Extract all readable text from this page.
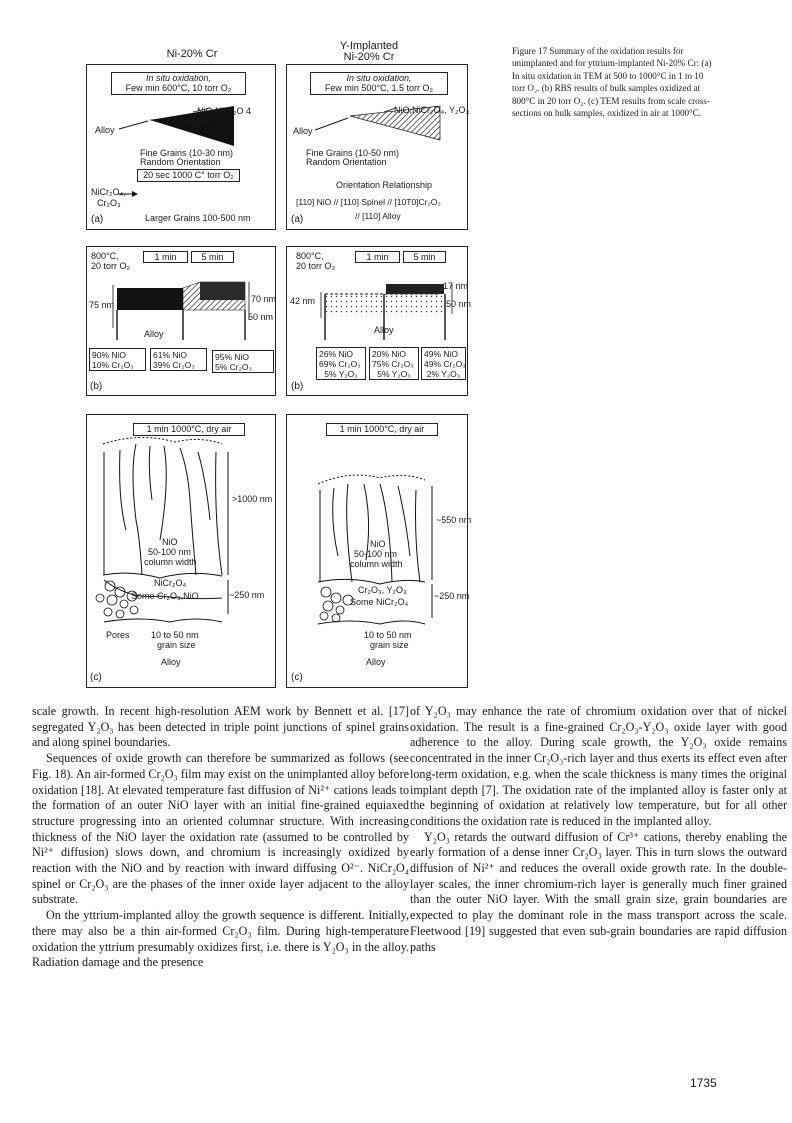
Ni-20% Cr
Y-Implanted
Ni-20% Cr	Figure 17 Summary of the oxidation results for unimplanted and for yttrium-implanted Ni-20% Cr: (a) In situ oxidation in TEM at 500 to 1000°C in 1 to 10 torr O₂. (b) RBS results of bulk samples oxidized at 800°C in 20 torr O₂. (c) TEM results from scale cross-sections on bulk samples, oxidized in air at 1000°C.
In situ oxidation,
Few min 600°C, 10 torr O₂
NiO,NiCr₂O 4
Alloy
Fine Grains (10-30 nm)
Random Orientation
20 sec 1000 C° torr O₂
NiCr₂O₄,
Cr₂O₃
Larger Grains 100-500 nm
(a)
In situ oxidation,
Few min 500°C, 1.5 torr O₂
NiO,NiCr₂O₄, Y₂O₃
Alloy
Fine Grains (10-50 nm)
Random Orientation
Orientation Relationship
[110] NiO // [110] Spinel // [10T0]Cr₂O₃
// [110] Alloy
(a)
800°C,
20 torr O₂
1 min	5 min
75 nm
70 nm
50 nm
Alloy
90% NiO
10% Cr₂O₃
61% NiO
39% Cr₂O₃
95% NiO
5% Cr₂O₃
(b)
800°C,
20 torr O₂
1 min	5 min
42 nm
17 nm
50 nm
Alloy
26% NiO
69% Cr₂O₃
5% Y₂O₃
20% NiO
75% Cr₂O₃
5% Y₂O₃
49% NiO
49% Cr₂O₃
2% Y₂O₃
(b)
1 min 1000°C, dry air
>1000 nm
NiO
50-100 nm
column width
NiCr₂O₄
Some Cr₂O₃,NiO	~250 nm
Pores 10 to 50 nm
grain size
Alloy
(c)
1 min 1000°C, dry air
~550 nm
NiO
50-100 nm
column width
Cr₂O₃, Y₂O₃
Some NiCr₂O₄
~250 nm
10 to 50 nm
grain size
Alloy
(c)

scale growth. In recent high-resolution AEM work by Bennett et al. [17] segregated Y₂O₃ has been detected in triple point junctions of spinel grains and along spinel boundaries.

Sequences of oxide growth can therefore be summarized as follows (see Fig. 18). An air-formed Cr₂O₃ film may exist on the unimplanted alloy before oxidation [18]. At elevated temperature fast diffusion of Ni²⁺ cations leads to the formation of an outer NiO layer with an initial fine-grained equiaxed structure progressing into an oriented columnar structure. With increasing thickness of the NiO layer the oxidation rate (assumed to be controlled by Ni²⁺ diffusion) slows down, and chromium is increasingly oxidized by reaction with the NiO and by reaction with inward diffusing O²⁻. NiCr₂O₄ spinel or Cr₂O₃ are the phases of the inner oxide layer adjacent to the alloy substrate.

On the yttrium-implanted alloy the growth sequence is different. Initially, there may also be a thin air-formed Cr₂O₃ film. During high-temperature oxidation the yttrium presumably oxidizes first, i.e. there is Y₂O₃ in the alloy. Radiation damage and the presence

of Y₂O₃ may enhance the rate of chromium oxidation over that of nickel oxidation. The result is a fine-grained Cr₂O₃-Y₂O₃ oxide layer with good adherence to the alloy. During scale growth, the Y₂O₃ oxide remains concentrated in the inner Cr₂O₃-rich layer and thus exerts its effect even after long-term oxidation, e.g. when the scale thickness is many times the original implant depth [7]. The oxidation rate of the implanted alloy is faster only at the beginning of oxidation at relatively low temperature, but for all other conditions the oxidation rate is reduced in the implanted alloy.

Y₂O₃ retards the outward diffusion of Cr³⁺ cations, thereby enabling the early formation of a dense inner Cr₂O₃ layer. This in turn slows the outward diffusion of Ni²⁺ and reduces the overall oxide growth rate. In the double-layer scales, the inner chromium-rich layer is generally much finer grained than the outer NiO layer. With the small grain size, grain boundaries are expected to play the dominant role in the mass transport across the scale. Fleetwood [19] suggested that even sub-grain boundaries are rapid diffusion paths

1735
